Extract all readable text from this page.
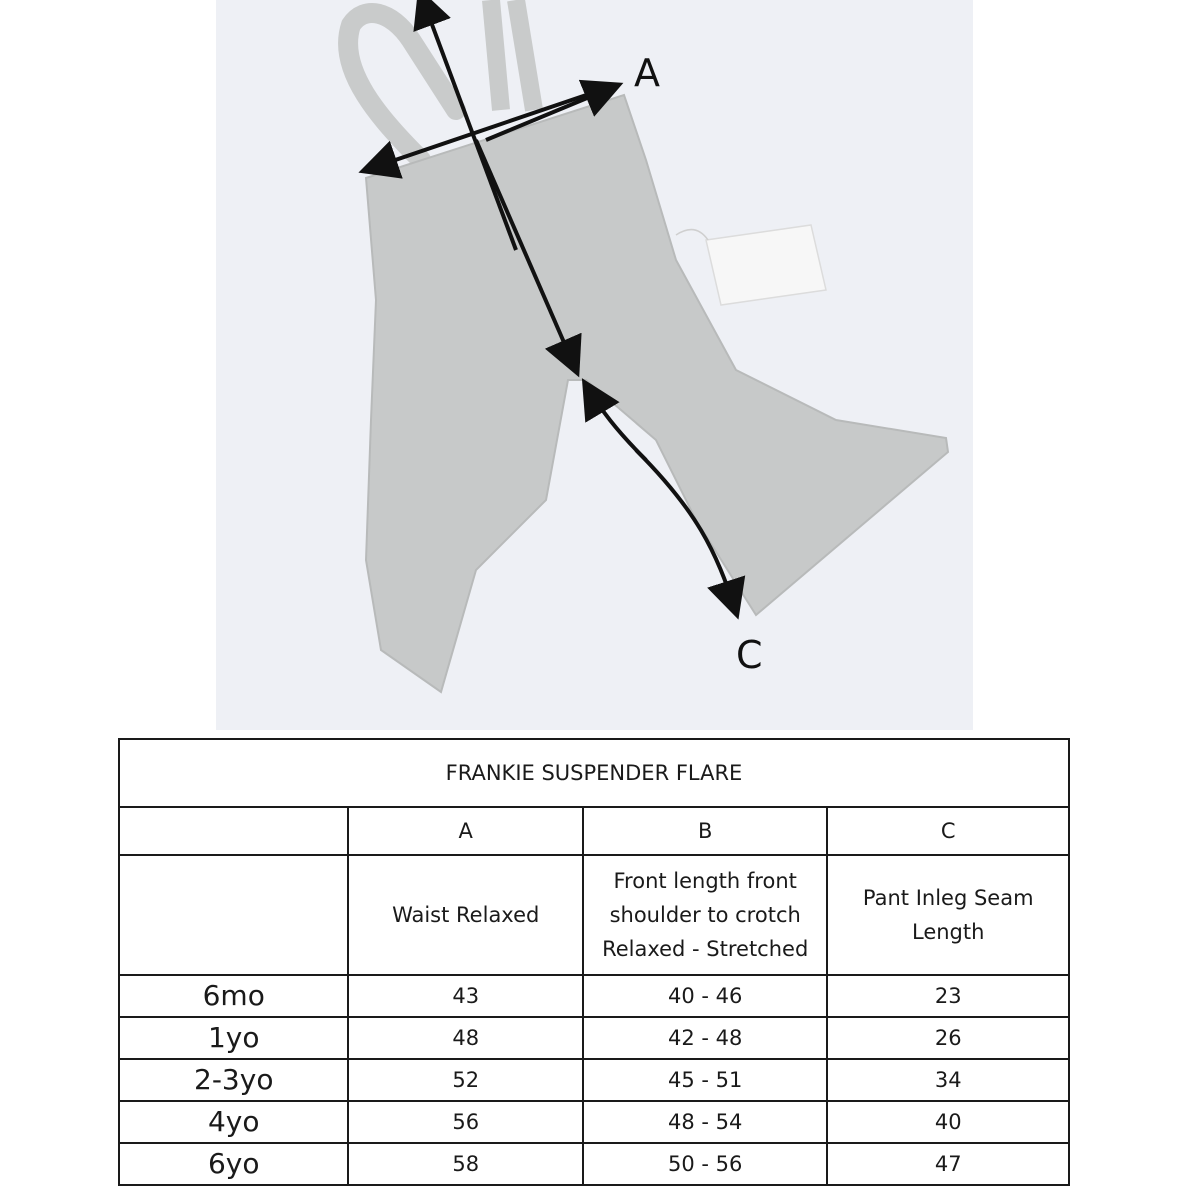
A
C
FRANKIE SUSPENDER FLARE			
	A	B	C
	Waist Relaxed	Front length front shoulder to crotch Relaxed - Stretched	Pant Inleg Seam Length
6mo	43	40 - 46	23
1yo	48	42 - 48	26
2-3yo	52	45 - 51	34
4yo	56	48 - 54	40
6yo	58	50 - 56	47
